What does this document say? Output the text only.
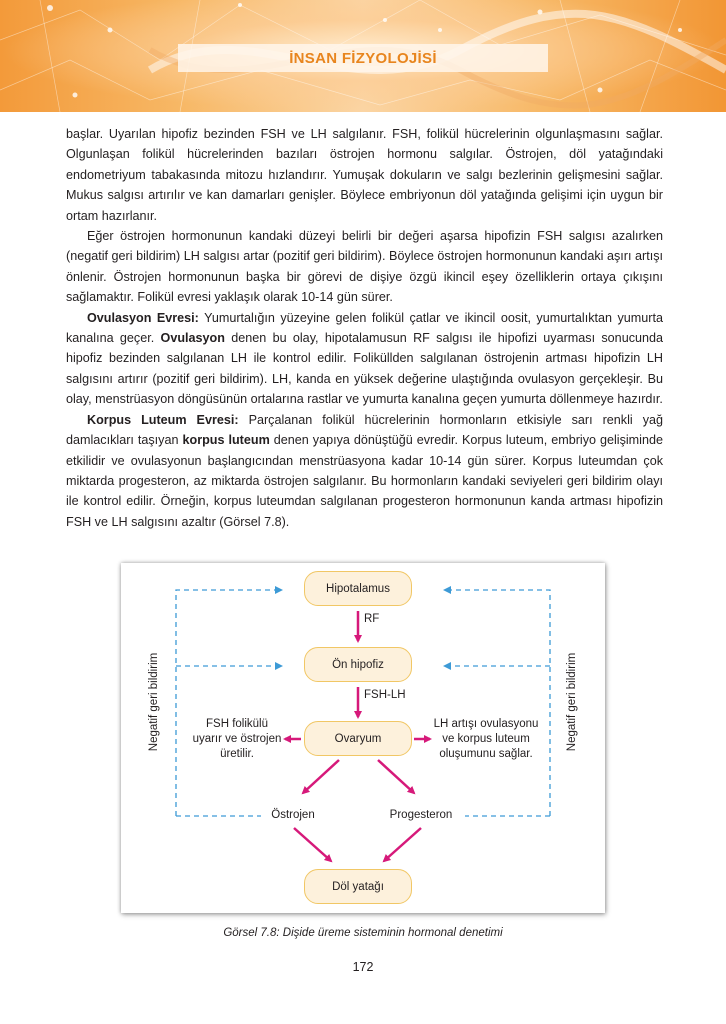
İNSAN FİZYOLOJİSİ

başlar. Uyarılan hipofiz bezinden FSH ve LH salgılanır. FSH, folikül hücrelerinin olgunlaşmasını sağlar. Olgunlaşan folikül hücrelerinden bazıları östrojen hormonu salgılar. Östrojen, döl yatağındaki endometriyum tabakasında mitozu hızlandırır. Yumuşak dokuların ve salgı bezlerinin gelişmesini sağlar. Mukus salgısı artırılır ve kan damarları genişler. Böylece embriyonun döl yatağında gelişimi için uygun bir ortam hazırlanır.

Eğer östrojen hormonunun kandaki düzeyi belirli bir değeri aşarsa hipofizin FSH salgısı azalırken (negatif geri bildirim) LH salgısı artar (pozitif geri bildirim). Böylece östrojen hormonunun kandaki aşırı artışı önlenir. Östrojen hormonunun başka bir görevi de dişiye özgü ikincil eşey özelliklerin ortaya çıkışını sağlamaktır. Folikül evresi yaklaşık olarak 10-14 gün sürer.

Ovulasyon Evresi: Yumurtalığın yüzeyine gelen folikül çatlar ve ikincil oosit, yumurtalıktan yumurta kanalına geçer. Ovulasyon denen bu olay, hipotalamusun RF salgısı ile hipofizi uyarması sonucunda hipofiz bezinden salgılanan LH ile kontrol edilir. Foliküllden salgılanan östrojenin artması hipofizin LH salgısını artırır (pozitif geri bildirim). LH, kanda en yüksek değerine ulaştığında ovulasyon gerçekleşir. Bu olay, menstrüasyon döngüsünün ortalarına rastlar ve yumurta kanalına geçen yumurta döllenmeye hazırdır.

Korpus Luteum Evresi: Parçalanan folikül hücrelerinin hormonların etkisiyle sarı renkli yağ damlacıkları taşıyan korpus luteum denen yapıya dönüştüğü evredir. Korpus luteum, embriyo gelişiminde etkilidir ve ovulasyonun başlangıcından menstrüasyona kadar 10-14 gün sürer. Korpus luteumdan çok miktarda progesteron, az miktarda östrojen salgılanır. Bu hormonların kandaki seviyeleri geri bildirim olayı ile kontrol edilir. Örneğin, korpus luteumdan salgılanan progesteron hormonunun kanda artması hipofizin FSH ve LH salgısını azaltır (Görsel 7.8).

Hipotalamus
Ön hipofiz
Ovaryum
Döl yatağı
RF
FSH-LH
FSH folikülü
uyarır ve östrojen
üretilir.
LH artışı ovulasyonu
ve korpus luteum
oluşumunu sağlar.
Östrojen	Progesteron
Negatif geri bildirim	Negatif geri bildirim
Görsel 7.8: Dişide üreme sisteminin hormonal denetimi
172
